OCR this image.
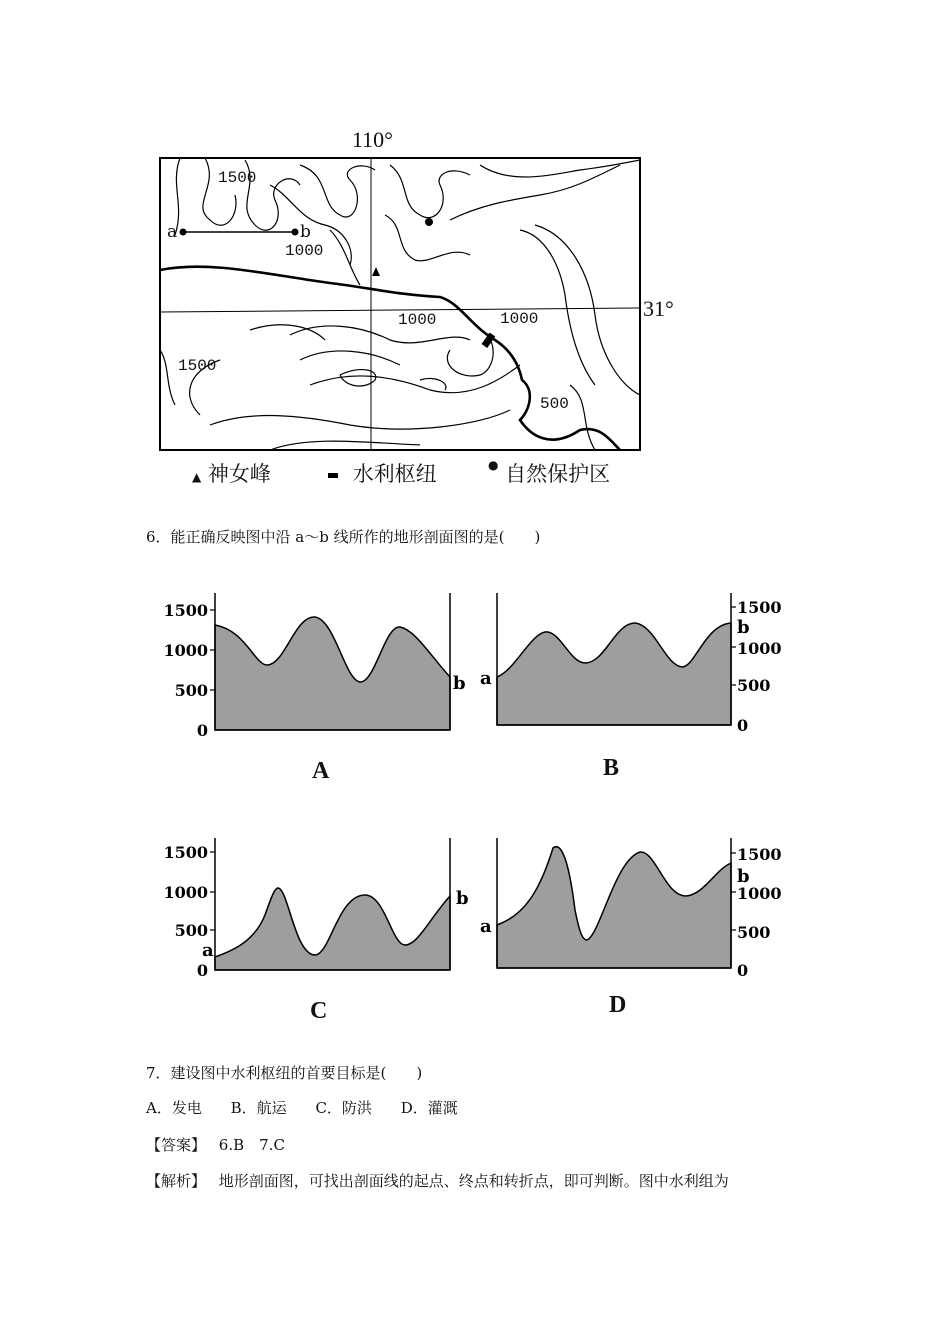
110°
1500
a	b
1000
1000	1000
1500
500
31°
▲ 神女峰	水利枢纽	● 自然保护区
6．能正确反映图中沿 a～b 线所作的地形剖面图的是(　　)
1500
1000
500
0
b
A
1500
1000
500
0
a
b
B
1500
1000
500
0
a
b
C
1500
1000
500
0
a
b
D
7．建设图中水利枢纽的首要目标是(　　)
A．发电 B．航运 C．防洪 D．灌溉
【答案】 6.B　7.C
【解析】 地形剖面图，可找出剖面线的起点、终点和转折点，即可判断。图中水利组为
